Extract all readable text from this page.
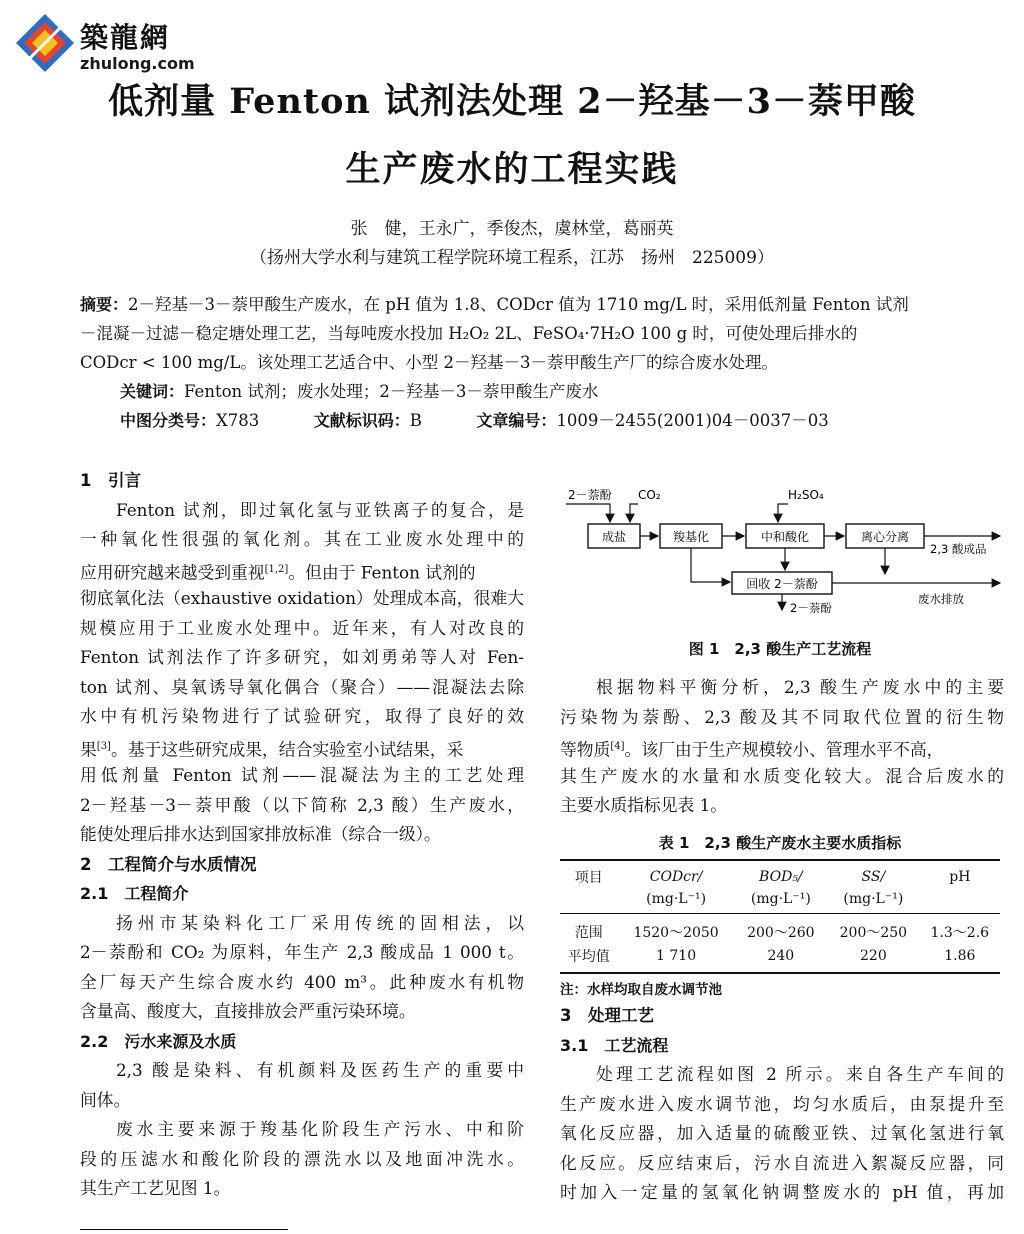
築龍網
zhulong.com
低剂量 Fenton 试剂法处理 2－羟基－3－萘甲酸
生产废水的工程实践
张　健，王永广，季俊杰，虞林堂，葛丽英
（扬州大学水利与建筑工程学院环境工程系，江苏　扬州　225009）
摘要：2－羟基－3－萘甲酸生产废水，在 pH 值为 1.8、CODcr 值为 1710 mg/L 时，采用低剂量 Fenton 试剂
－混凝－过滤－稳定塘处理工艺，当每吨废水投加 H₂O₂ 2L、FeSO₄·7H₂O 100 g 时，可使处理后排水的
CODcr < 100 mg/L。该处理工艺适合中、小型 2－羟基－3－萘甲酸生产厂的综合废水处理。
关键词：Fenton 试剂；废水处理；2－羟基－3－萘甲酸生产废水
中图分类号：X783	文献标识码：B	文章编号：1009－2455(2001)04－0037－03
1　引言
Fenton 试剂，即过氧化氢与亚铁离子的复合，是
一种氧化性很强的氧化剂。其在工业废水处理中的
应用研究越来越受到重视[1,2]。但由于 Fenton 试剂的
彻底氧化法（exhaustive oxidation）处理成本高，很难大
规模应用于工业废水处理中。近年来，有人对改良的
Fenton 试剂法作了许多研究，如刘勇弟等人对 Fen-
ton 试剂、臭氧诱导氧化偶合（聚合）——混凝法去除
水中有机污染物进行了试验研究，取得了良好的效
果[3]。基于这些研究成果，结合实验室小试结果，采
用低剂量 Fenton 试剂——混凝法为主的工艺处理
2－羟基－3－萘甲酸（以下简称 2,3 酸）生产废水，
能使处理后排水达到国家排放标准（综合一级）。
2　工程简介与水质情况
2.1　工程简介
扬州市某染料化工厂采用传统的固相法，以
2－萘酚和 CO₂ 为原料，年生产 2,3 酸成品 1 000 t。
全厂每天产生综合废水约 400 m³。此种废水有机物
含量高、酸度大，直接排放会严重污染环境。
2.2　污水来源及水质
2,3 酸是染料、有机颜料及医药生产的重要中
间体。
废水主要来源于羧基化阶段生产污水、中和阶
段的压滤水和酸化阶段的漂洗水以及地面冲洗水。
其生产工艺见图 1。
2－萘酚 CO₂	H₂SO₄
成盐	羧基化	中和酸化	离心分离
回收 2－萘酚
2,3 酸成品
2－萘酚
废水排放
图 1　2,3 酸生产工艺流程
根据物料平衡分析，2,3 酸生产废水中的主要
污染物为萘酚、2,3 酸及其不同取代位置的衍生物
等物质[4]。该厂由于生产规模较小、管理水平不高，
其生产废水的水量和水质变化较大。混合后废水的
主要水质指标见表 1。
表 1　2,3 酸生产废水主要水质指标
项目	CODcr/	BOD₅/	SS/	pH
	(mg·L⁻¹)	(mg·L⁻¹)	(mg·L⁻¹)	
范围	1520～2050	200～260	200～250	1.3～2.6
平均值	1 710	240	220	1.86
注：水样均取自废水调节池
3　处理工艺
3.1　工艺流程
处理工艺流程如图 2 所示。来自各生产车间的
生产废水进入废水调节池，均匀水质后，由泵提升至
氧化反应器，加入适量的硫酸亚铁、过氧化氢进行氧
化反应。反应结束后，污水自流进入絮凝反应器，同
时加入一定量的氢氧化钠调整废水的 pH 值，再加
